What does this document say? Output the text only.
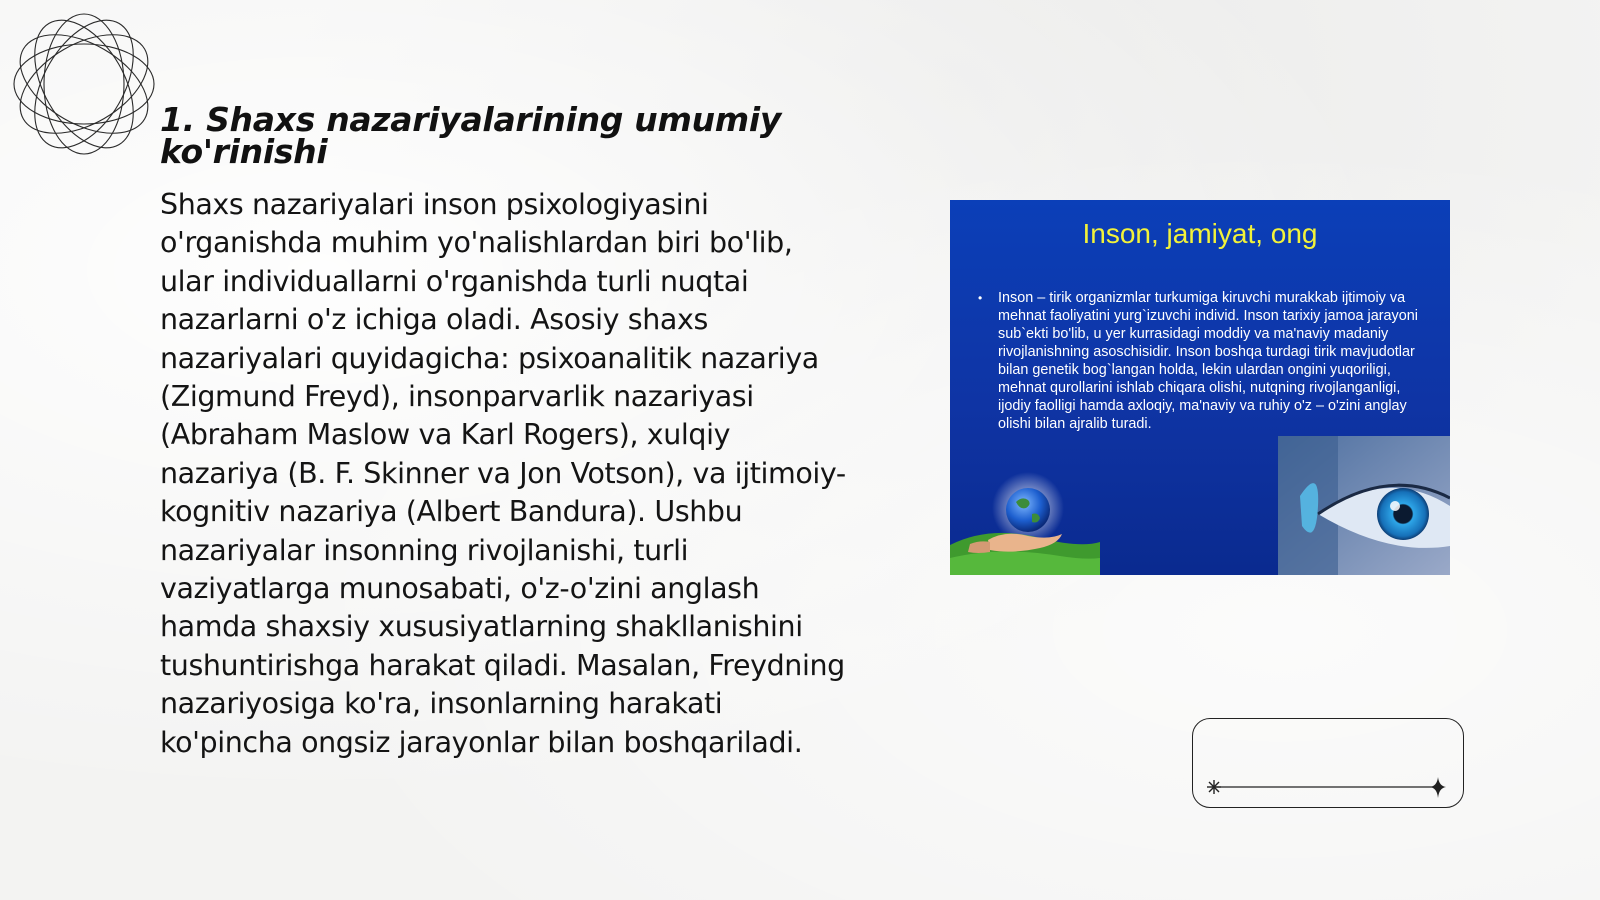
1. Shaxs nazariyalarining umumiy ko'rinishi

Shaxs nazariyalari inson psixologiyasini o'rganishda muhim yo'nalishlardan biri bo'lib, ular individuallarni o'rganishda turli nuqtai nazarlarni o'z ichiga oladi. Asosiy shaxs nazariyalari quyidagicha: psixoanalitik nazariya (Zigmund Freyd), insonparvarlik nazariyasi (Abraham Maslow va Karl Rogers), xulqiy nazariya (B. F. Skinner va Jon Votson), va ijtimoiy-kognitiv nazariya (Albert Bandura). Ushbu nazariyalar insonning rivojlanishi, turli vaziyatlarga munosabati, o'z-o'zini anglash hamda shaxsiy xususiyatlarning shakllanishini tushuntirishga harakat qiladi. Masalan, Freydning nazariyosiga ko'ra, insonlarning harakati ko'pincha ongsiz jarayonlar bilan boshqariladi.

Inson, jamiyat, ong

•	Inson – tirik organizmlar turkumiga kiruvchi murakkab ijtimoiy va mehnat faoliyatini yurg`izuvchi individ. Inson tarixiy jamoa jarayoni sub`ekti bo'lib, u yer kurrasidagi moddiy va ma'naviy madaniy rivojlanishning asoschisidir. Inson boshqa turdagi tirik mavjudotlar bilan genetik bog`langan holda, lekin ulardan ongini yuqoriligi, mehnat qurollarini ishlab chiqara olishi, nutqning rivojlanganligi, ijodiy faolligi hamda axloqiy, ma'naviy va ruhiy o'z – o'zini anglay olishi bilan ajralib turadi.
